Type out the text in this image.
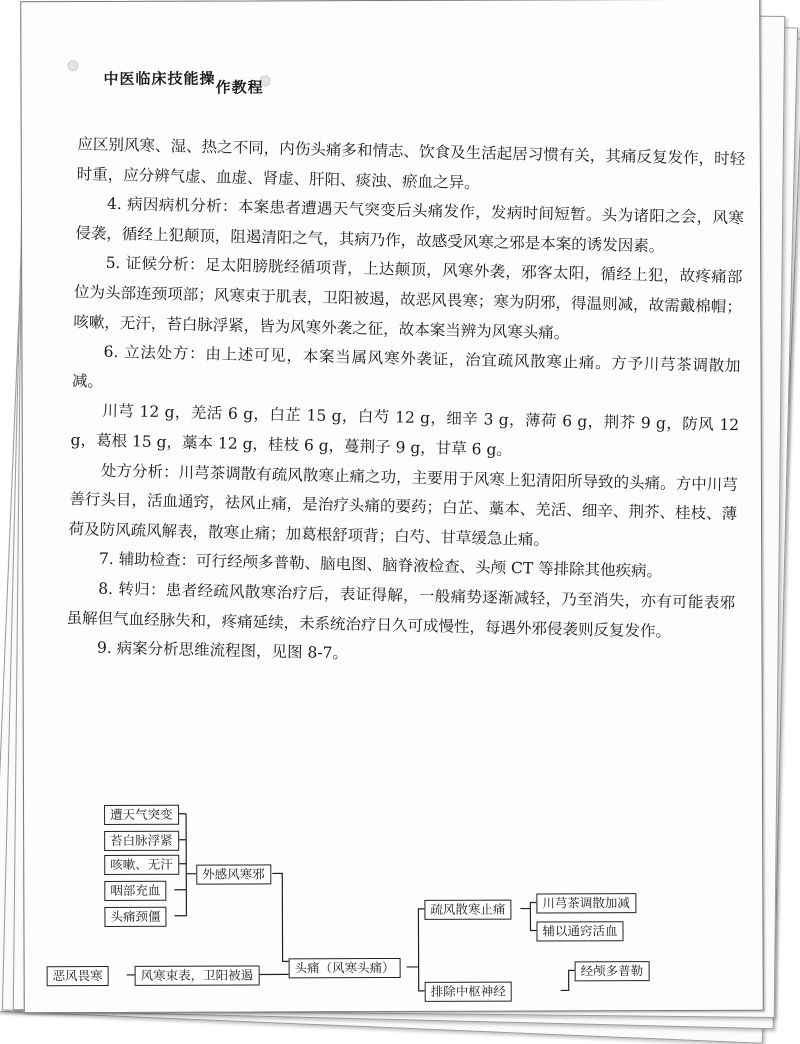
中医临床技能操作教程

应区别风寒、湿、热之不同，内伤头痛多和情志、饮食及生活起居习惯有关，其痛反复发作，时轻时重，应分辨气虚、血虚、肾虚、肝阳、痰浊、瘀血之异。

4. 病因病机分析：本案患者遭遇天气突变后头痛发作，发病时间短暂。头为诸阳之会，风寒侵袭，循经上犯颠顶，阻遏清阳之气，其病乃作，故感受风寒之邪是本案的诱发因素。

5. 证候分析：足太阳膀胱经循项背，上达颠顶，风寒外袭，邪客太阳，循经上犯，故疼痛部位为头部连颈项部；风寒束于肌表，卫阳被遏，故恶风畏寒；寒为阴邪，得温则减，故需戴棉帽；咳嗽，无汗，苔白脉浮紧，皆为风寒外袭之征，故本案当辨为风寒头痛。

6. 立法处方：由上述可见，本案当属风寒外袭证，治宜疏风散寒止痛。方予川芎茶调散加减。

川芎 12 g，羌活 6 g，白芷 15 g，白芍 12 g，细辛 3 g，薄荷 6 g，荆芥 9 g，防风 12 g，葛根 15 g，藁本 12 g，桂枝 6 g，蔓荆子 9 g，甘草 6 g。

处方分析：川芎茶调散有疏风散寒止痛之功，主要用于风寒上犯清阳所导致的头痛。方中川芎善行头目，活血通窍，祛风止痛，是治疗头痛的要药；白芷、藁本、羌活、细辛、荆芥、桂枝、薄荷及防风疏风解表，散寒止痛；加葛根舒项背；白芍、甘草缓急止痛。

7. 辅助检查：可行经颅多普勒、脑电图、脑脊液检查、头颅 CT 等排除其他疾病。

8. 转归：患者经疏风散寒治疗后，表证得解，一般痛势逐渐减轻，乃至消失，亦有可能表邪虽解但气血经脉失和，疼痛延续，未系统治疗日久可成慢性，每遇外邪侵袭则反复发作。

9. 病案分析思维流程图，见图 8-7。

遭天气突变
苔白脉浮紧
咳嗽、无汗
咽部充血
头痛颈僵
外感风寒邪
恶风畏寒	风寒束表，卫阳被遏	头痛（风寒头痛）
疏风散寒止痛	川芎茶调散加减
辅以通窍活血
排除中枢神经
经颅多普勒
